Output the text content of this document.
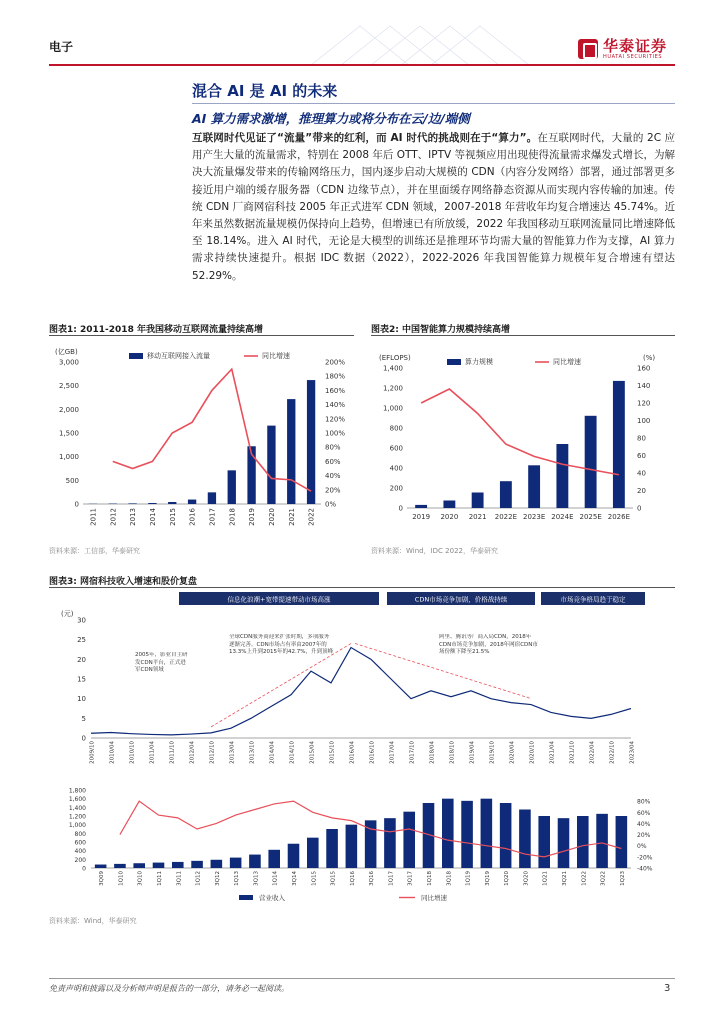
电子	华泰证券
HUATAI SECURITIES
混合 AI 是 AI 的未来
AI 算力需求激增，推理算力或将分布在云/边/端侧
互联网时代见证了“流量”带来的红利，而 AI 时代的挑战则在于“算力”。在互联网时代，大量的 2C 应用产生大量的流量需求，特别在 2008 年后 OTT、IPTV 等视频应用出现使得流量需求爆发式增长，为解决大流量爆发带来的传输网络压力，国内逐步启动大规模的 CDN（内容分发网络）部署，通过部署更多接近用户端的缓存服务器（CDN 边缘节点），并在里面缓存网络静态资源从而实现内容传输的加速。传统 CDN 厂商网宿科技 2005 年正式进军 CDN 领域，2007-2018 年营收年均复合增速达 45.74%。近年来虽然数据流量规模仍保持向上趋势，但增速已有所放缓，2022 年我国移动互联网流量同比增速降低至 18.14%。进入 AI 时代，无论是大模型的训练还是推理环节均需大量的智能算力作为支撑，AI 算力需求持续快速提升。根据 IDC 数据（2022），2022-2026 年我国智能算力规模年复合增速有望达 52.29%。
图表1: 2011-2018 年我国移动互联网流量持续高增
(亿GB)
0
500
1,000
1,500
2,000
2,500
3,000
0%
20%
40%
60%
80%
100%
120%
140%
160%
180%
200%
2011 2012 2013 2014 2015 2016 2017 2018 2019 2020 2021 2022
移动互联网接入流量	同比增速
资料来源：工信部，华泰研究
图表2: 中国智能算力规模持续高增
(EFLOPS)	(%)
0
200
400
600
800
1,000
1,200
1,400
0
20
40
60
80
100
120
140
160
2019 2020 2021 2022E 2023E 2024E 2025E 2026E
算力规模	同比增速
资料来源：Wind，IDC 2022，华泰研究
图表3: 网宿科技收入增速和股价复盘
信息化浪潮+宽带提速带动市场高涨	CDN市场竞争加剧，价格战持续	市场竞争格局趋于稳定
(元)
0
5
10
15
20
25
30
2009/10	2010/04	2010/10	2011/04	2011/10	2012/04	2012/10	2013/04	2013/10	2014/04	2014/10	2015/04	2015/10	2016/04	2016/10	2017/04	2017/10	2018/04	2018/10	2019/04	2019/10	2020/04	2020/10	2021/04	2021/10	2022/04	2022/10	2023/04
2005年，影业自主研发CDN平台，正式进军CDN领域
全球CDN服务商迎来扩张时期，多项服务逐渐完善。CDN市场占有率由2007年的13.3%上升到2015年的42.7%，升到顶峰
阿里、腾讯等厂商入局CDN，2018年CDN市场竞争加剧，2018年网宿CDN市场份额下降至21.5%
0
200
400
600
800
1,000
1,200
1,400
1,600
1,800
-40%
-20%
0%
20%
40%
60%
80%
3Q09 1Q10 3Q10 1Q11 3Q11 1Q12 3Q12 1Q13 3Q13 1Q14 3Q14 1Q15 3Q15 1Q16 3Q16 1Q17 3Q17 1Q18 3Q18 1Q19 3Q19 1Q20 3Q20 1Q21 3Q21 1Q22 3Q22 1Q23
营业收入	同比增速
资料来源：Wind，华泰研究
免责声明和披露以及分析师声明是报告的一部分，请务必一起阅读。	3
